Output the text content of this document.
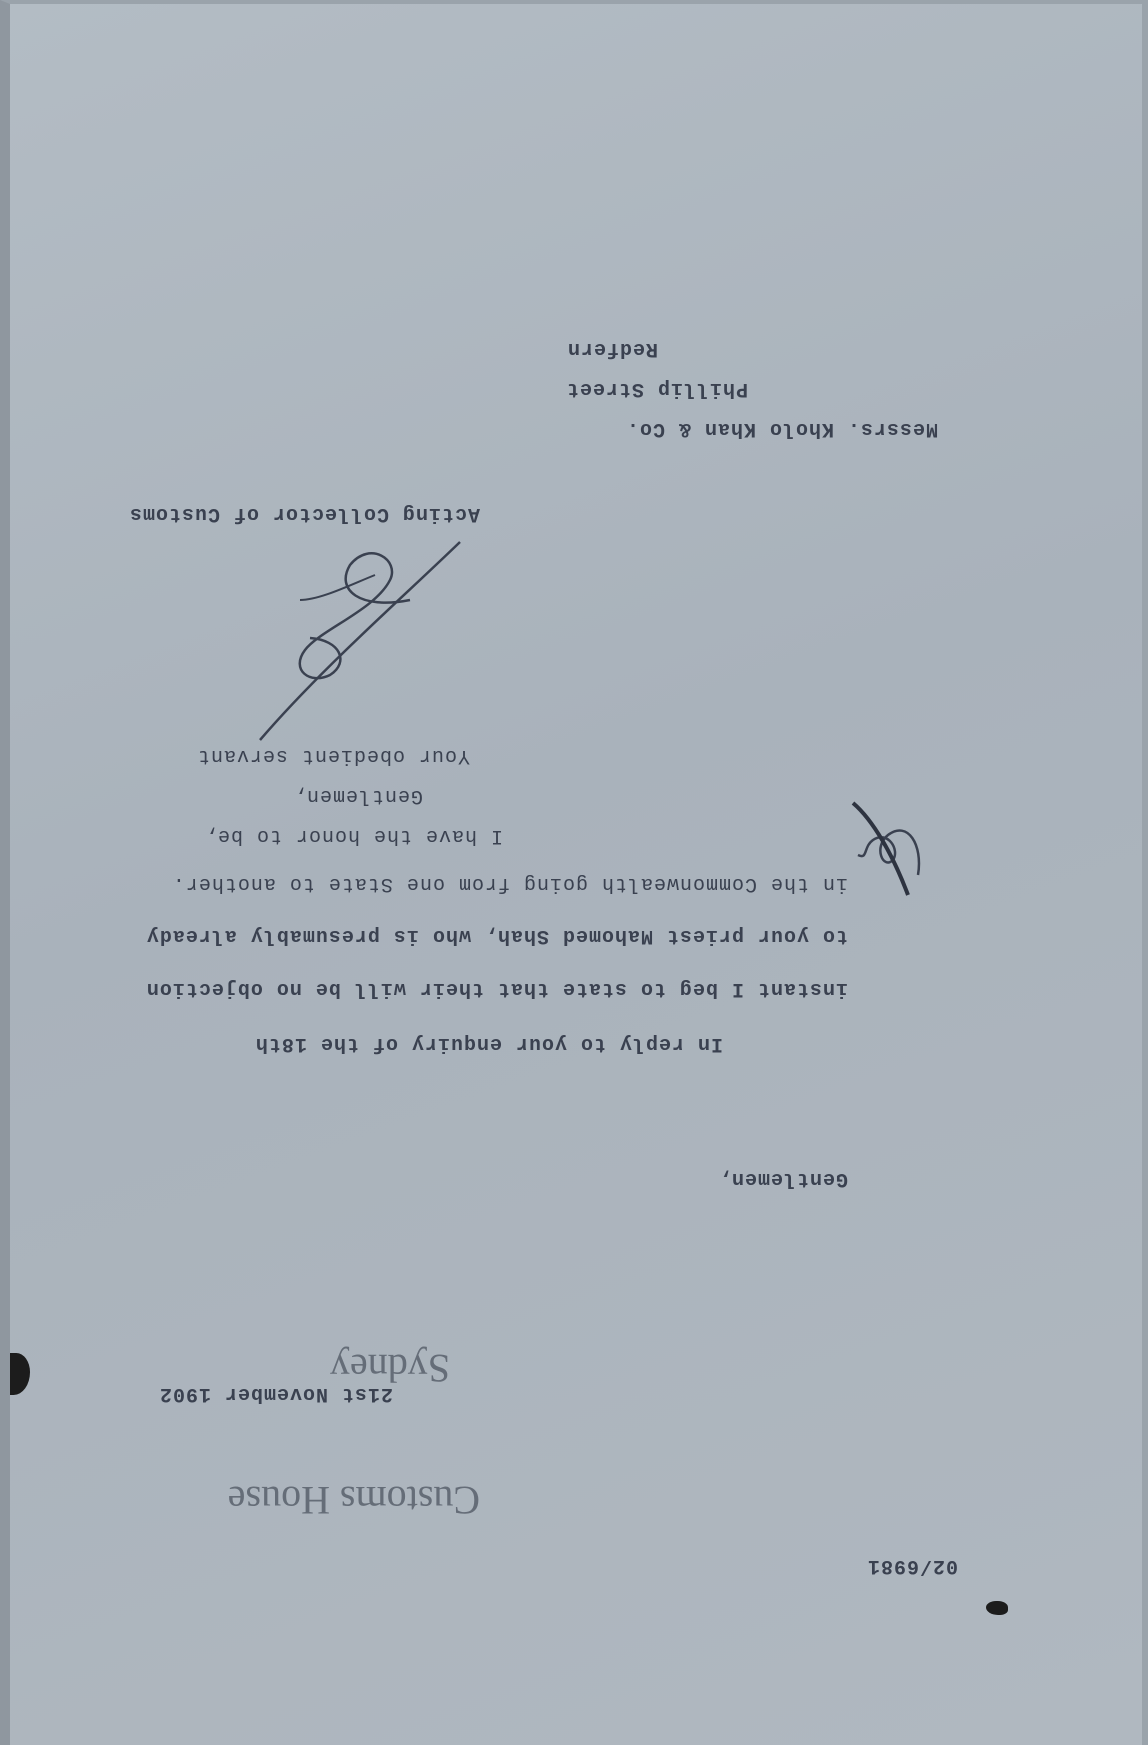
Customs House

Sydney

02/6981
21st November 1902
Gentlemen,
In reply to your enquiry of the 18th
instant I beg to state that their will be no objection
to your priest Mahomed Shah, who is presumably already
in the Commonwealth going from one State to another.
I have the honor to be,
Gentlemen,
Your obedient servant
Acting Collector of Customs
Messrs. Kholo Khan & Co.
Phillip Street
Redfern
